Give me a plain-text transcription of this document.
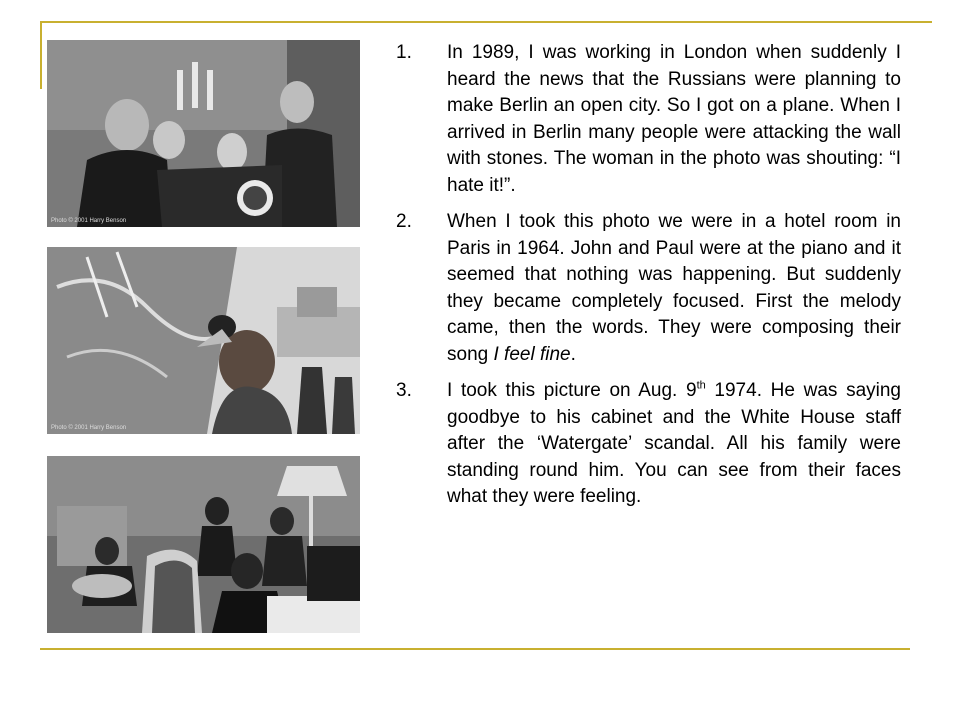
Photo © 2001 Harry Benson
Photo © 2001 Harry Benson
1. In 1989, I was working in London when suddenly I heard the news that the Russians were planning to make Berlin an open city. So I got on a plane. When I arrived in Berlin many people were attacking the wall with stones. The woman in the photo was shouting: “I hate it!”.

2. When I took this photo we were in a hotel room in Paris in 1964. John and Paul were at the piano and it seemed that nothing was happening. But suddenly they became completely focused. First the melody came, then the words. They were composing their song I feel fine.

3. I took this picture on Aug. 9th 1974. He was saying goodbye to his cabinet and the White House staff after the ‘Watergate’ scandal. All his family were standing round him. You can see from their faces what they were feeling.
